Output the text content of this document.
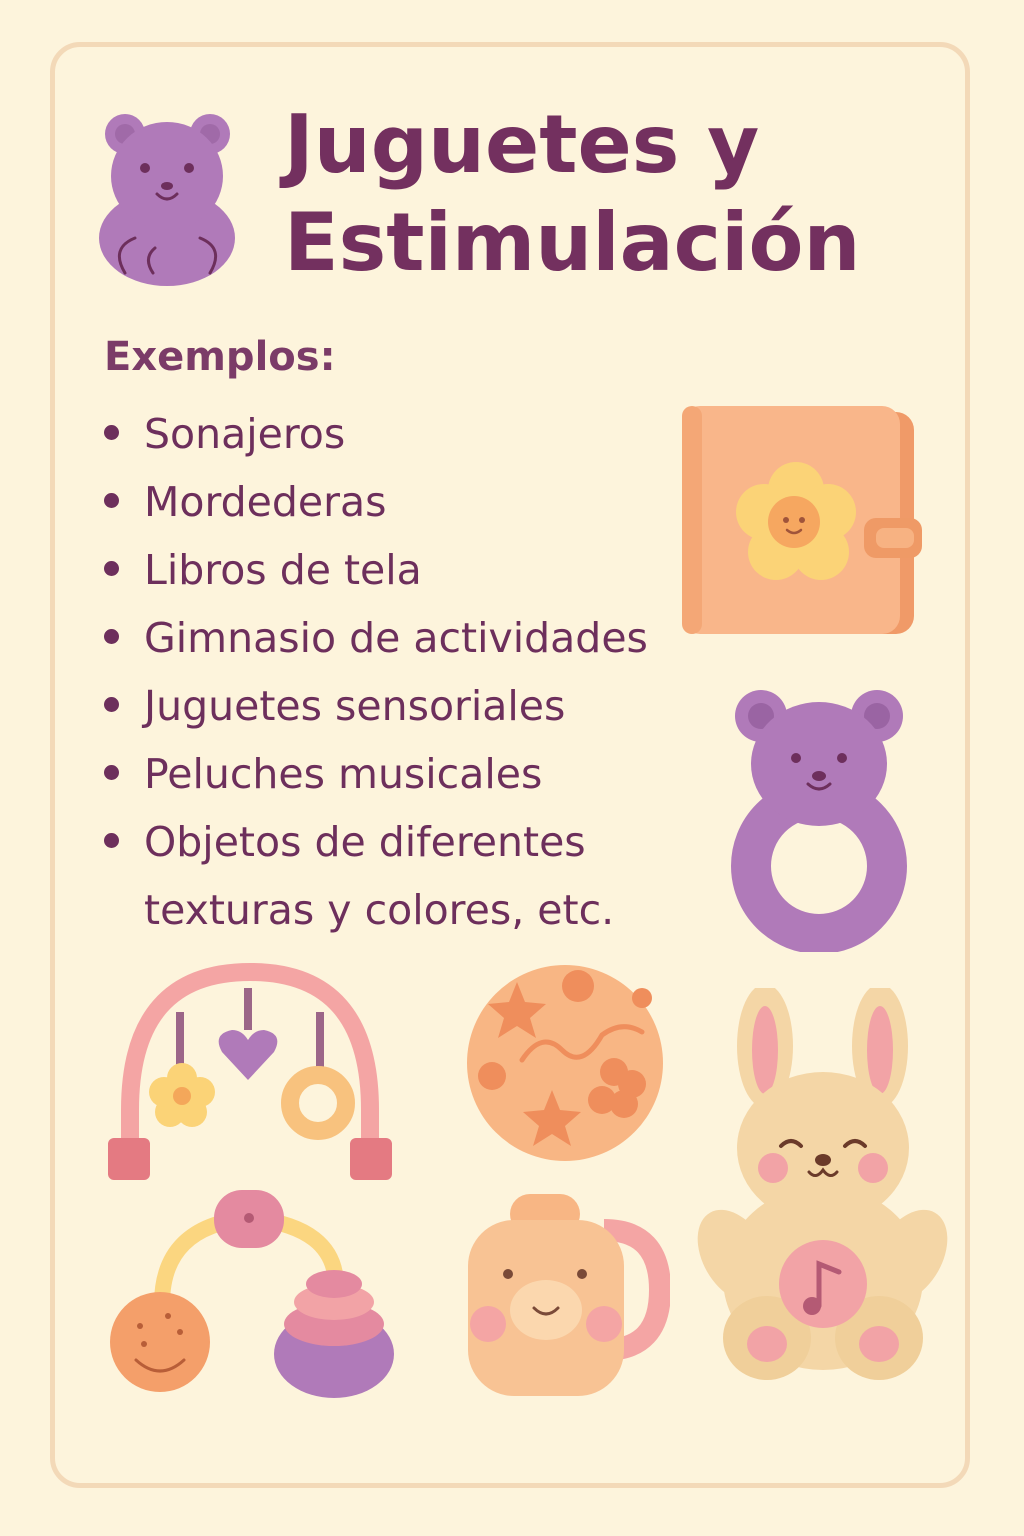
Juguetes y Estimulación
Exemplos:
Sonajeros
Mordederas
Libros de tela
Gimnasio de actividades
Juguetes sensoriales
Peluches musicales
Objetos de diferentes texturas y colores, etc.
